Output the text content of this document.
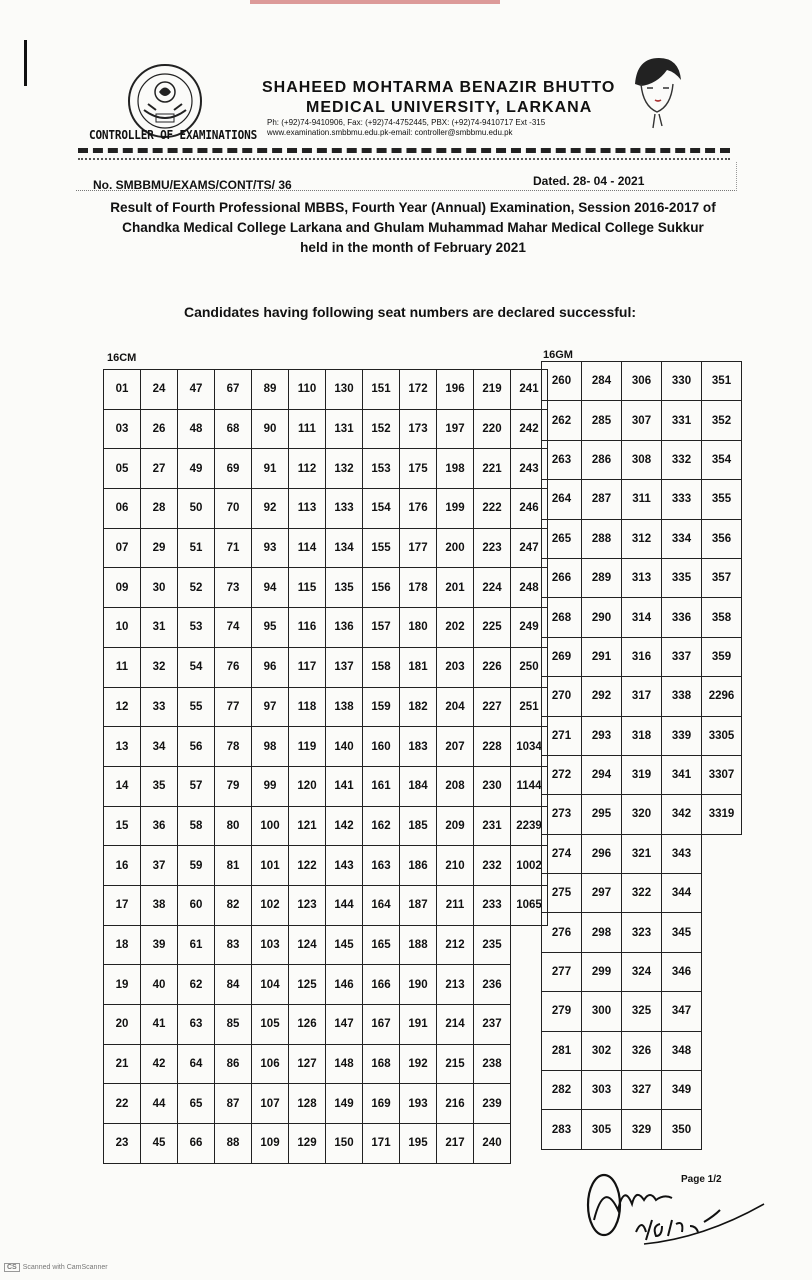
CONTROLLER OF EXAMINATIONS
SHAHEED MOHTARMA BENAZIR BHUTTO
MEDICAL UNIVERSITY, LARKANA
Ph: (+92)74-9410906, Fax: (+92)74-4752445, PBX: (+92)74-9410717 Ext -315
www.examination.smbbmu.edu.pk-email: controller@smbbmu.edu.pk
No. SMBBMU/EXAMS/CONT/TS/ 36	Dated. 28- 04 - 2021
Result of Fourth Professional MBBS, Fourth Year (Annual) Examination, Session 2016-2017 of
Chandka Medical College Larkana and Ghulam Muhammad Mahar Medical College Sukkur
held in the month of February 2021
Candidates having following seat numbers are declared successful:
16CM	16GM
01	24	47	67	89	110	130	151	172	196	219	241
03	26	48	68	90	111	131	152	173	197	220	242
05	27	49	69	91	112	132	153	175	198	221	243
06	28	50	70	92	113	133	154	176	199	222	246
07	29	51	71	93	114	134	155	177	200	223	247
09	30	52	73	94	115	135	156	178	201	224	248
10	31	53	74	95	116	136	157	180	202	225	249
11	32	54	76	96	117	137	158	181	203	226	250
12	33	55	77	97	118	138	159	182	204	227	251
13	34	56	78	98	119	140	160	183	207	228	1034
14	35	57	79	99	120	141	161	184	208	230	1144
15	36	58	80	100	121	142	162	185	209	231	2239
16	37	59	81	101	122	143	163	186	210	232	1002
17	38	60	82	102	123	144	164	187	211	233	1065
18	39	61	83	103	124	145	165	188	212	235	
19	40	62	84	104	125	146	166	190	213	236	
20	41	63	85	105	126	147	167	191	214	237	
21	42	64	86	106	127	148	168	192	215	238	
22	44	65	87	107	128	149	169	193	216	239	
23	45	66	88	109	129	150	171	195	217	240	
260	284	306	330	351
262	285	307	331	352
263	286	308	332	354
264	287	311	333	355
265	288	312	334	356
266	289	313	335	357
268	290	314	336	358
269	291	316	337	359
270	292	317	338	2296
271	293	318	339	3305
272	294	319	341	3307
273	295	320	342	3319
274	296	321	343	
275	297	322	344	
276	298	323	345	
277	299	324	346	
279	300	325	347	
281	302	326	348	
282	303	327	349	
283	305	329	350	
Page 1/2
CS Scanned with CamScanner
